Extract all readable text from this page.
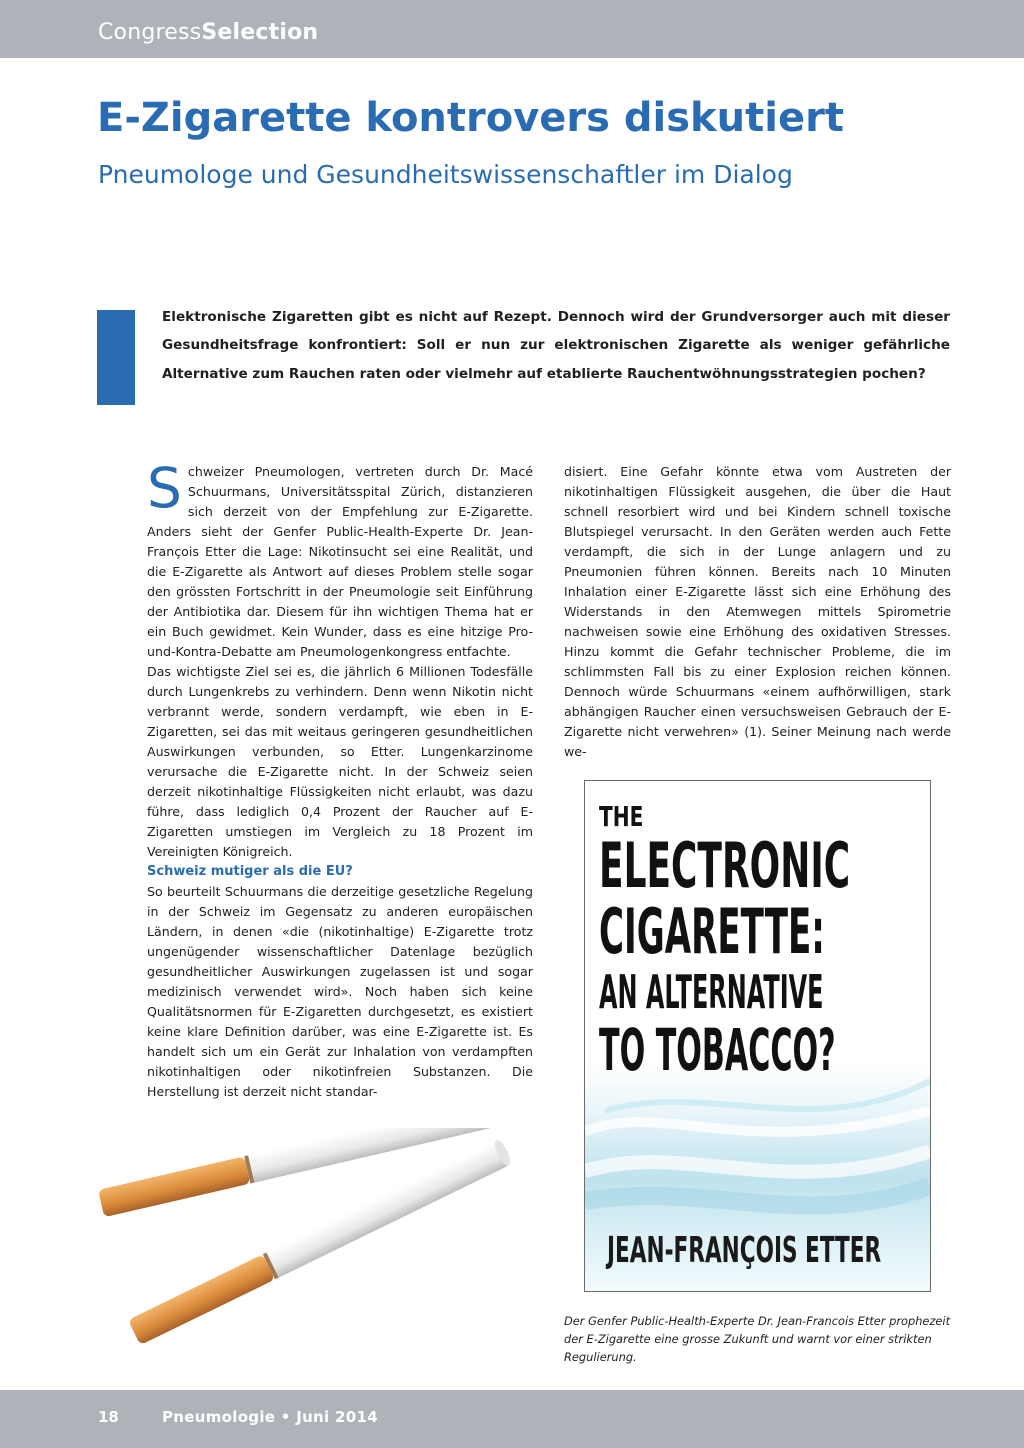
CongressSelection
E-Zigarette kontrovers diskutiert
Pneumologe und Gesundheitswissenschaftler im Dialog

Elektronische Zigaretten gibt es nicht auf Rezept. Dennoch wird der Grundversorger auch mit dieser Gesundheitsfrage konfrontiert: Soll er nun zur elektronischen Zigarette als weniger gefährliche Alternative zum Rauchen raten oder vielmehr auf etablierte Rauchentwöhnungsstrategien pochen?

Schweizer Pneumologen, vertreten durch Dr. Macé Schuurmans, Universitätsspital Zürich, distanzieren sich derzeit von der Empfehlung zur E-Zigarette. Anders sieht der Genfer Public-Health-Experte Dr. Jean-François Etter die Lage: Nikotinsucht sei eine Realität, und die E-Zigarette als Antwort auf dieses Problem stelle sogar den grössten Fortschritt in der Pneumologie seit Einführung der Antibiotika dar. Diesem für ihn wichtigen Thema hat er ein Buch gewidmet. Kein Wunder, dass es eine hitzige Pro-und-Kontra-Debatte am Pneumologenkongress entfachte.

Das wichtigste Ziel sei es, die jährlich 6 Millionen Todesfälle durch Lungenkrebs zu verhindern. Denn wenn Nikotin nicht verbrannt werde, sondern verdampft, wie eben in E-Zigaretten, sei das mit weitaus geringeren gesundheitlichen Auswirkungen verbunden, so Etter. Lungenkarzinome verursache die E-Zigarette nicht. In der Schweiz seien derzeit nikotinhaltige Flüssigkeiten nicht erlaubt, was dazu führe, dass lediglich 0,4 Prozent der Raucher auf E-Zigaretten umstiegen im Vergleich zu 18 Prozent im Vereinigten Königreich.

Schweiz mutiger als die EU?

So beurteilt Schuurmans die derzeitige gesetzliche Regelung in der Schweiz im Gegensatz zu anderen europäischen Ländern, in denen «die (nikotinhaltige) E-Zigarette trotz ungenügender wissenschaftlicher Datenlage bezüglich gesundheitlicher Auswirkungen zugelassen ist und sogar medizinisch verwendet wird». Noch haben sich keine Qualitätsnormen für E-Zigaretten durchgesetzt, es existiert keine klare Definition darüber, was eine E-Zigarette ist. Es handelt sich um ein Gerät zur Inhalation von verdampften nikotinhaltigen oder nikotinfreien Substanzen. Die Herstellung ist derzeit nicht standar-

disiert. Eine Gefahr könnte etwa vom Austreten der nikotinhaltigen Flüssigkeit ausgehen, die über die Haut schnell resorbiert wird und bei Kindern schnell toxische Blutspiegel verursacht. In den Geräten werden auch Fette verdampft, die sich in der Lunge anlagern und zu Pneumonien führen können. Bereits nach 10 Minuten Inhalation einer E-Zigarette lässt sich eine Erhöhung des Widerstands in den Atemwegen mittels Spirometrie nachweisen sowie eine Erhöhung des oxidativen Stresses. Hinzu kommt die Gefahr technischer Probleme, die im schlimmsten Fall bis zu einer Explosion reichen können. Dennoch würde Schuurmans «einem aufhörwilligen, stark abhängigen Raucher einen versuchsweisen Gebrauch der E-Zigarette nicht verwehren» (1). Seiner Meinung nach werde we-

THE
ELECTRONIC
CIGARETTE:
AN ALTERNATIVE
TO TOBACCO?
JEAN-FRANÇOIS ETTER

Der Genfer Public-Health-Experte Dr. Jean-Francois Etter prophezeit der E-Zigarette eine grosse Zukunft und warnt vor einer strikten Regulierung.

18	Pneumologie • Juni 2014
